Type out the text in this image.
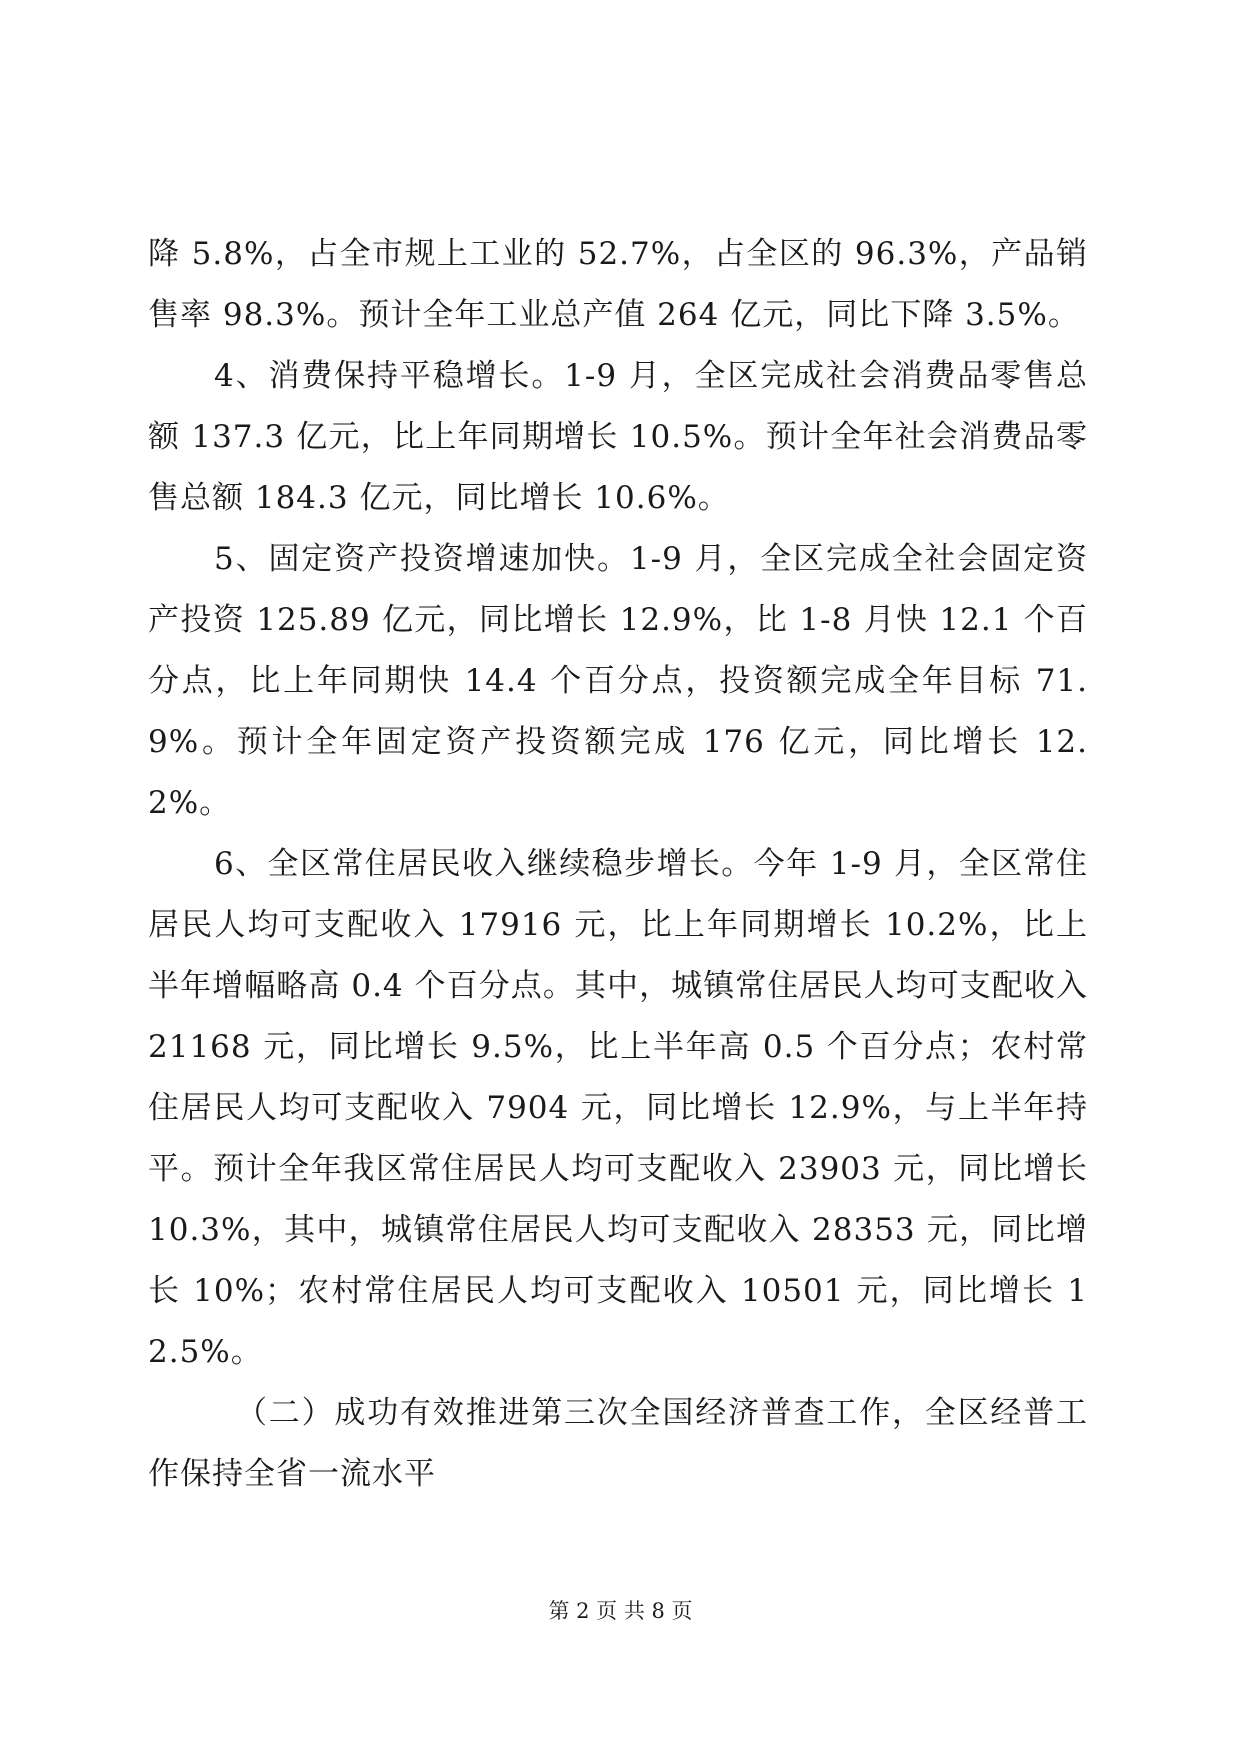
降 5.8%，占全市规上工业的 52.7%，占全区的 96.3%，产品销售率 98.3%。预计全年工业总产值 264 亿元，同比下降 3.5%。

4、消费保持平稳增长。1-9 月，全区完成社会消费品零售总额 137.3 亿元，比上年同期增长 10.5%。预计全年社会消费品零售总额 184.3 亿元，同比增长 10.6%。

5、固定资产投资增速加快。1-9 月，全区完成全社会固定资产投资 125.89 亿元，同比增长 12.9%，比 1-8 月快 12.1 个百分点，比上年同期快 14.4 个百分点，投资额完成全年目标 71.9%。预计全年固定资产投资额完成 176 亿元，同比增长 12.2%。

6、全区常住居民收入继续稳步增长。今年 1-9 月，全区常住居民人均可支配收入 17916 元，比上年同期增长 10.2%，比上半年增幅略高 0.4 个百分点。其中，城镇常住居民人均可支配收入 21168 元，同比增长 9.5%，比上半年高 0.5 个百分点；农村常住居民人均可支配收入 7904 元，同比增长 12.9%，与上半年持平。预计全年我区常住居民人均可支配收入 23903 元，同比增长 10.3%，其中，城镇常住居民人均可支配收入 28353 元，同比增长 10%；农村常住居民人均可支配收入 10501 元，同比增长 12.5%。

（二）成功有效推进第三次全国经济普查工作，全区经普工作保持全省一流水平

第 2 页 共 8 页
